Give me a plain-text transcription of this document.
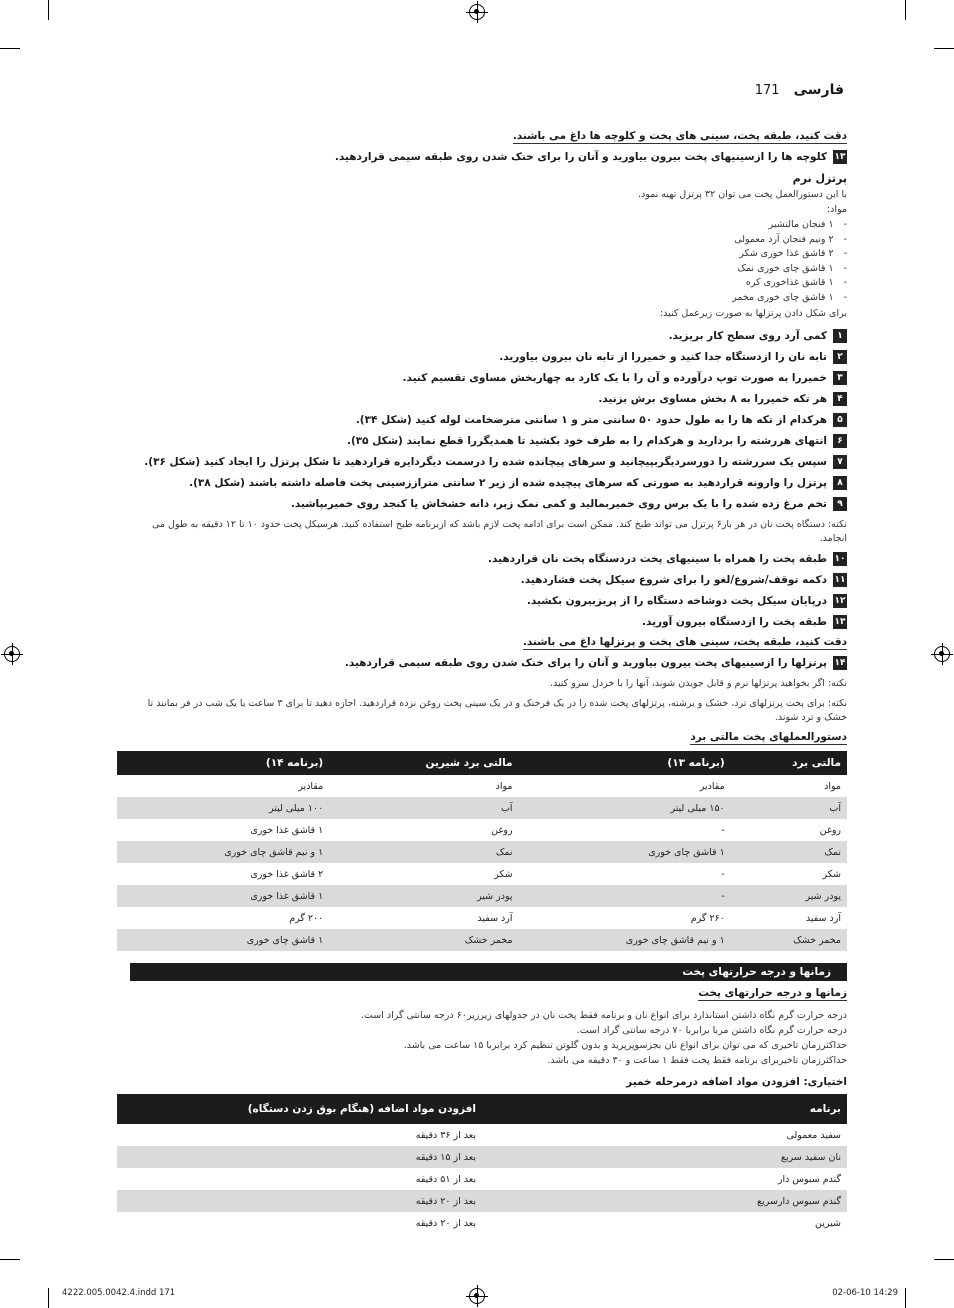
فارسی
171
دقت کنید، طبقه پخت، سینی های پخت و کلوچه ها داغ می باشند.
۱۳
کلوچه ها را ازسینیهای پخت بیرون بیاورید و آنان را برای خنک شدن روی طبقه سیمی قراردهید.
پرتزل نرم
با این دستورالعمل پخت می توان ۳۲ پرتزل تهیه نمود.
مواد:
- ۱ فنجان مالتشیر
- ۲ ونیم فنجان آرد معمولی
- ۲ قاشق غذا خوری شکر
- ۱ قاشق چای خوری نمک
- ۱ قاشق غذاخوری کره
- ۱ قاشق چای خوری مخمر
برای شکل دادن پرتزلها به صورت زیرعمل کنید:
۱
کمی آرد روی سطح کار بریزید.
۲
تابه نان را ازدستگاه جدا کنید و خمیررا از تابه نان بیرون بیاورید.
۳
خمیررا به صورت توپ درآورده و آن را با یک کارد به چهاربخش مساوی تقسیم کنید.
۴
هر تکه خمیررا به ۸ بخش مساوی برش بزنید.
۵
هرکدام از تکه ها را به طول حدود ۵۰ سانتی متر و ۱ سانتی مترضخامت لوله کنید (شکل ۳۴).
۶
انتهای هررشته را بردارید و هرکدام را به طرف خود بکشید تا همدیگررا قطع نمایند (شکل ۳۵).
۷
سپس یک سررشته را دورسردیگربپیچانید و سرهای پیچانده شده را درسمت دیگردایره قراردهید تا شکل پرتزل را ایجاد کنید (شکل ۳۶).
۸
پرتزل را وارونه قراردهید به صورتی که سرهای پیچیده شده از زیر ۲ سانتی متراززسینی پخت فاصله داشته باشند (شکل ۳۸).
۹
تخم مرغ زده شده را با یک برس روی خمیربمالید و کمی نمک زبر، دانه خشخاش یا کنجد روی خمیربپاشید.
نکته: دستگاه پخت نان در هر بار۶ پرتزل می تواند طبخ کند. ممکن است برای ادامه پخت لازم باشد که ازبرنامه طبخ استفاده کنید. هرسیکل پخت حدود ۱۰ تا ۱۲ دقیقه به طول می انجامد.
۱۰
طبقه پخت را همراه با سینیهای پخت دردستگاه پخت نان قراردهید.
۱۱
دکمه توقف/شروع/لغو را برای شروع سیکل پخت فشاردهید.
۱۲
درپایان سیکل پخت دوشاخه دستگاه را از پریزبیرون بکشید.
۱۳
طبقه پخت را ازدستگاه بیرون آورید.
دقت کنید، طبقه پخت، سینی های پخت و پرتزلها داغ می باشند.
۱۴
پرتزلها را ازسینیهای پخت بیرون بیاورید و آنان را برای خنک شدن روی طبقه سیمی قراردهید.
نکته: اگر بخواهید پرتزلها نرم و قابل جویدن شوند، آنها را با خردل سرو کنید.
نکته: برای پخت پرتزلهای ترد، خشک و برشته، پرتزلهای پخت شده را در یک فرخنک و در یک سینی پخت روغن نزده قراردهید. اجازه دهید تا برای ۳ ساعت یا یک شب در فر بمانند تا خشک و ترد شوند.
دستورالعملهای پخت مالتی برد
مالتی برد	(برنامه ۱۳)	مالتی برد شیرین	(برنامه ۱۴)
مواد	مقادیر	مواد	مقادیر
آب	۱۵۰ میلی لیتر	آب	۱۰۰ میلی لیتر
روغن	-	روغن	۱ قاشق غذا خوری
نمک	۱ قاشق چای خوری	نمک	۱ و نیم قاشق چای خوری
شکر	-	شکر	۲ قاشق غذا خوری
پودر شیر	-	پودر شیر	۱ قاشق غذا خوری
آرد سفید	۲۶۰ گرم	آرد سفید	۲۰۰ گرم
مخمر خشک	۱ و نیم قاشق چای خوری	مخمر خشک	۱ قاشق چای خوری
زمانها و درجه حرارتهای پخت
زمانها و درجه حرارتهای پخت
درجه حرارت گرم نگاه داشتن استاندارد برای انواع نان و برنامه فقط پخت نان در جدولهای زیرزیر۶۰ درجه سانتی گراد است.
درجه حرارت گرم نگاه داشتن مربا برابربا ۷۰ درجه سانتی گراد است.
حداکثرزمان تاخیری که می توان برای انواع نان بجزسوپرپرید و بدون گلوتن تنظیم کرد برابربا ۱۵ ساعت می باشد.
حداکثرزمان تاخیربرای برنامه فقط پخت فقط ۱ ساعت و ۳۰ دقیقه می باشد.
اختیاری: افزودن مواد اضافه درمرحله خمیر
برنامه	افزودن مواد اضافه (هنگام بوق زدن دستگاه)
سفید معمولی	بعد از ۳۶ دقیقه
نان سفید سریع	بعد از ۱۵ دقیقه
گندم سبوس دار	بعد از ۵۱ دقیقه
گندم سبوس دارسریع	بعد از ۲۰ دقیقه
شیرین	بعد از ۲۰ دقیقه
4222.005.0042.4.indd 171	02-06-10 14:29
